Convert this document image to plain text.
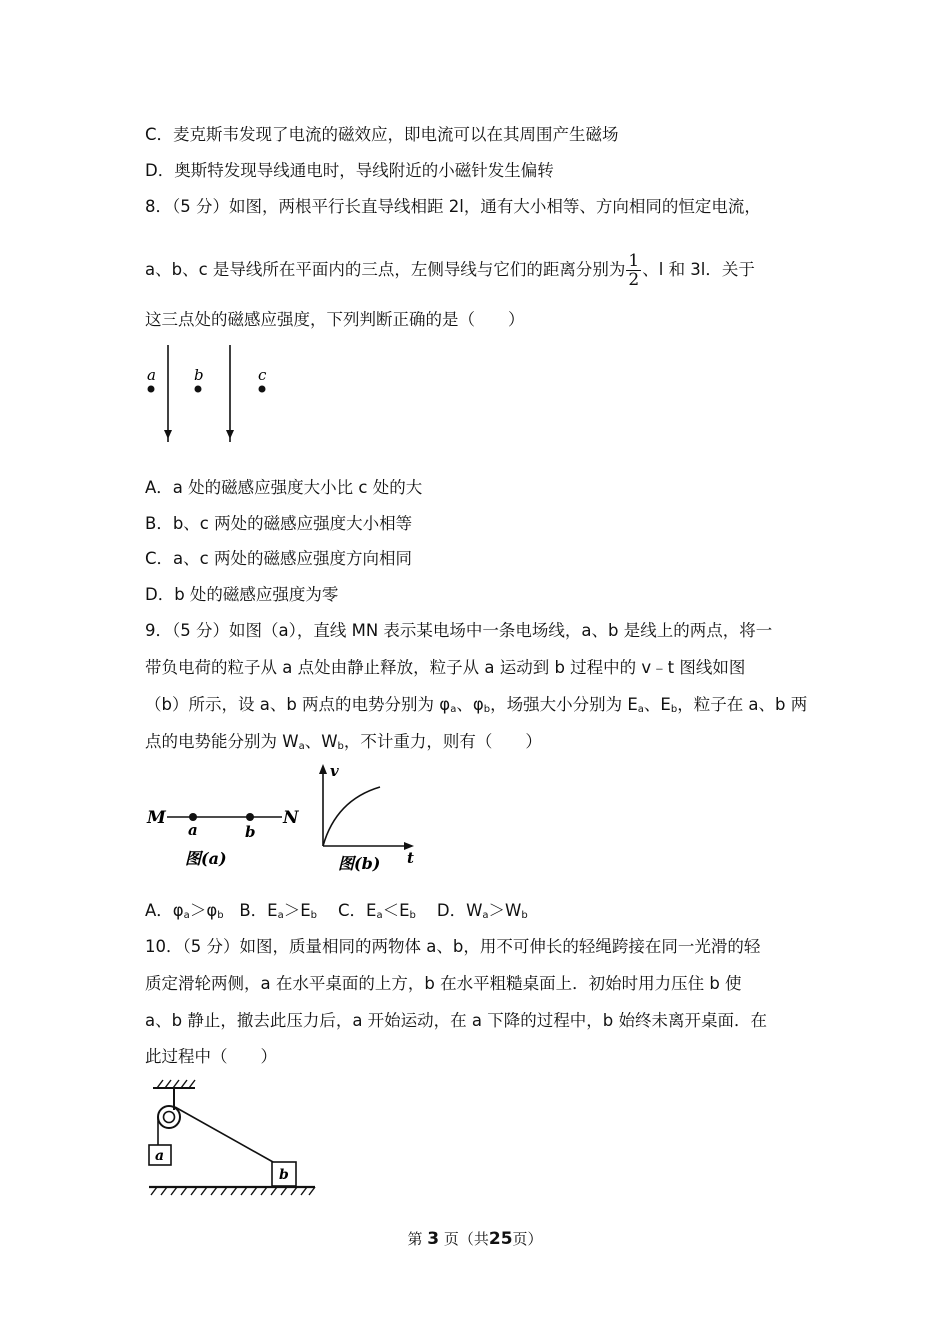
C．麦克斯韦发现了电流的磁效应，即电流可以在其周围产生磁场
D．奥斯特发现导线通电时，导线附近的小磁针发生偏转
8．（5 分）如图，两根平行长直导线相距 2l，通有大小相等、方向相同的恒定电流，
a、b、c 是导线所在平面内的三点，左侧导线与它们的距离分别为 $\frac{1}{2}$ 、l 和 3l．关于
这三点处的磁感应强度，下列判断正确的是（　　）
a	b	c
A．a 处的磁感应强度大小比 c 处的大
B．b、c 两处的磁感应强度大小相等
C．a、c 两处的磁感应强度方向相同
D．b 处的磁感应强度为零
9．（5 分）如图（a），直线 MN 表示某电场中一条电场线，a、b 是线上的两点，将一
带负电荷的粒子从 a 点处由静止释放，粒子从 a 运动到 b 过程中的 v﹣t 图线如图
（b）所示，设 a、b 两点的电势分别为 $\varphi_a$、$\varphi_b$，场强大小分别为 $E_a$、$E_b$，粒子在 a、b 两
点的电势能分别为 $W_a$、$W_b$，不计重力，则有（　　）
M	N
a	b
图(a)
v
t
图(b)
A．$\varphi_a>\varphi_b$ B．$E_a>E_b$ C．$E_a<E_b$ D．$W_a>W_b$
10．（5 分）如图，质量相同的两物体 a、b，用不可伸长的轻绳跨接在同一光滑的轻
质定滑轮两侧，a 在水平桌面的上方，b 在水平粗糙桌面上．初始时用力压住 b 使
a、b 静止，撤去此压力后，a 开始运动，在 a 下降的过程中，b 始终未离开桌面．在
此过程中（　　）
a
b
第 3 页（共25页）
